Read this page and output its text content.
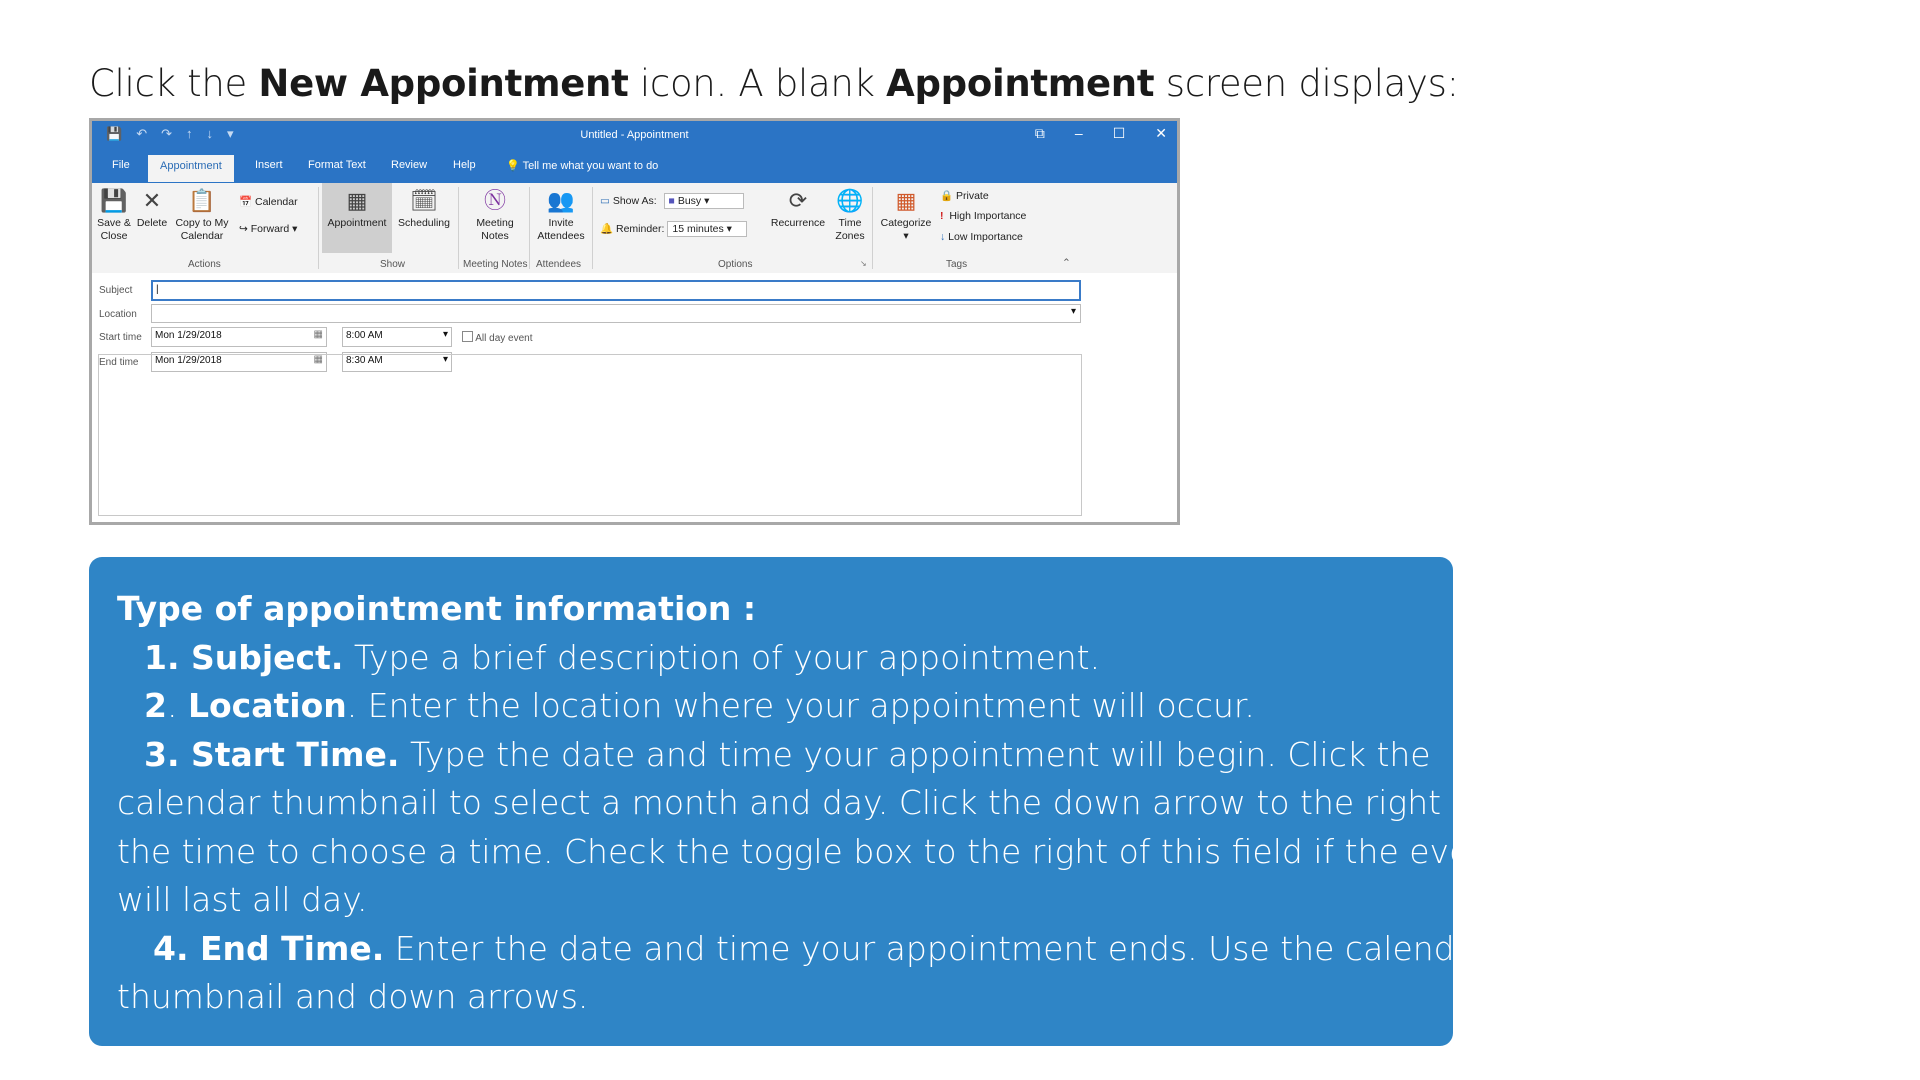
Click the New Appointment icon. A blank Appointment screen displays:
💾 ↶ ↷ ↑ ↓ ▾	Untitled - Appointment	⧉ – ☐ ✕
File	Appointment	Insert Format Text Review Help	💡 Tell me what you want to do
💾
Save &
Close
✕
Delete
📋
Copy to My
Calendar
📅 Calendar
↪ Forward ▾
Actions
▦
Appointment
🗓
Scheduling
Show
Ⓝ
Meeting
Notes
Meeting Notes
👥
Invite
Attendees
Attendees
▭ Show As: ■ Busy ▾
🔔 Reminder: 15 minutes ▾
⟳
Recurrence
🌐
Time
Zones
Options	↘
▦
Categorize
▾
🔒 Private
! High Importance
↓ Low Importance
Tags	⌃
Subject	|
Location	▾
Start time	Mon 1/29/2018	▦	8:00 AM	▾	All day event
End time	Mon 1/29/2018	▦	8:30 AM	▾
Type of appointment information :
1. Subject. Type a brief description of your appointment.
2. Location. Enter the location where your appointment will occur.
3. Start Time. Type the date and time your appointment will begin. Click the
calendar thumbnail to select a month and day. Click the down arrow to the right of
the time to choose a time. Check the toggle box to the right of this field if the event
will last all day.
4. End Time. Enter the date and time your appointment ends. Use the calendar
thumbnail and down arrows.
